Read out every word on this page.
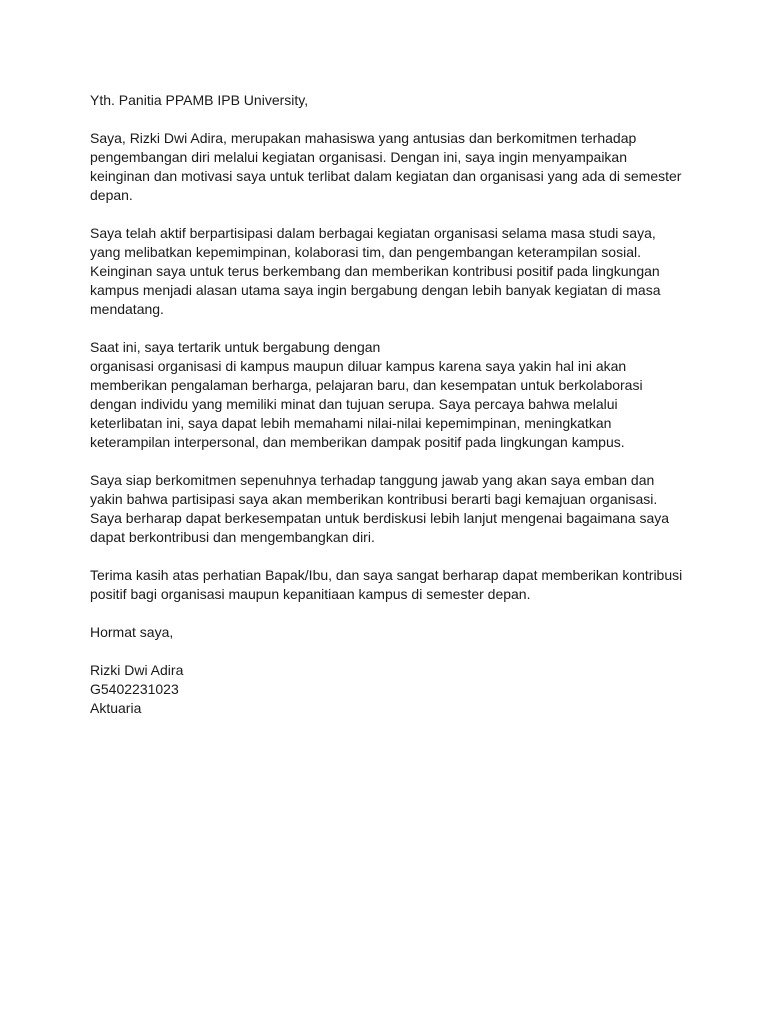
Yth. Panitia PPAMB IPB University,

Saya, Rizki Dwi Adira, merupakan mahasiswa yang antusias dan berkomitmen terhadap
pengembangan diri melalui kegiatan organisasi. Dengan ini, saya ingin menyampaikan
keinginan dan motivasi saya untuk terlibat dalam kegiatan dan organisasi yang ada di semester
depan.

Saya telah aktif berpartisipasi dalam berbagai kegiatan organisasi selama masa studi saya,
yang melibatkan kepemimpinan, kolaborasi tim, dan pengembangan keterampilan sosial.
Keinginan saya untuk terus berkembang dan memberikan kontribusi positif pada lingkungan
kampus menjadi alasan utama saya ingin bergabung dengan lebih banyak kegiatan di masa
mendatang.

Saat ini, saya tertarik untuk bergabung dengan
organisasi organisasi di kampus maupun diluar kampus karena saya yakin hal ini akan
memberikan pengalaman berharga, pelajaran baru, dan kesempatan untuk berkolaborasi
dengan individu yang memiliki minat dan tujuan serupa. Saya percaya bahwa melalui
keterlibatan ini, saya dapat lebih memahami nilai-nilai kepemimpinan, meningkatkan
keterampilan interpersonal, dan memberikan dampak positif pada lingkungan kampus.

Saya siap berkomitmen sepenuhnya terhadap tanggung jawab yang akan saya emban dan
yakin bahwa partisipasi saya akan memberikan kontribusi berarti bagi kemajuan organisasi.
Saya berharap dapat berkesempatan untuk berdiskusi lebih lanjut mengenai bagaimana saya
dapat berkontribusi dan mengembangkan diri.

Terima kasih atas perhatian Bapak/Ibu, dan saya sangat berharap dapat memberikan kontribusi
positif bagi organisasi maupun kepanitiaan kampus di semester depan.

Hormat saya,

Rizki Dwi Adira
G5402231023
Aktuaria
